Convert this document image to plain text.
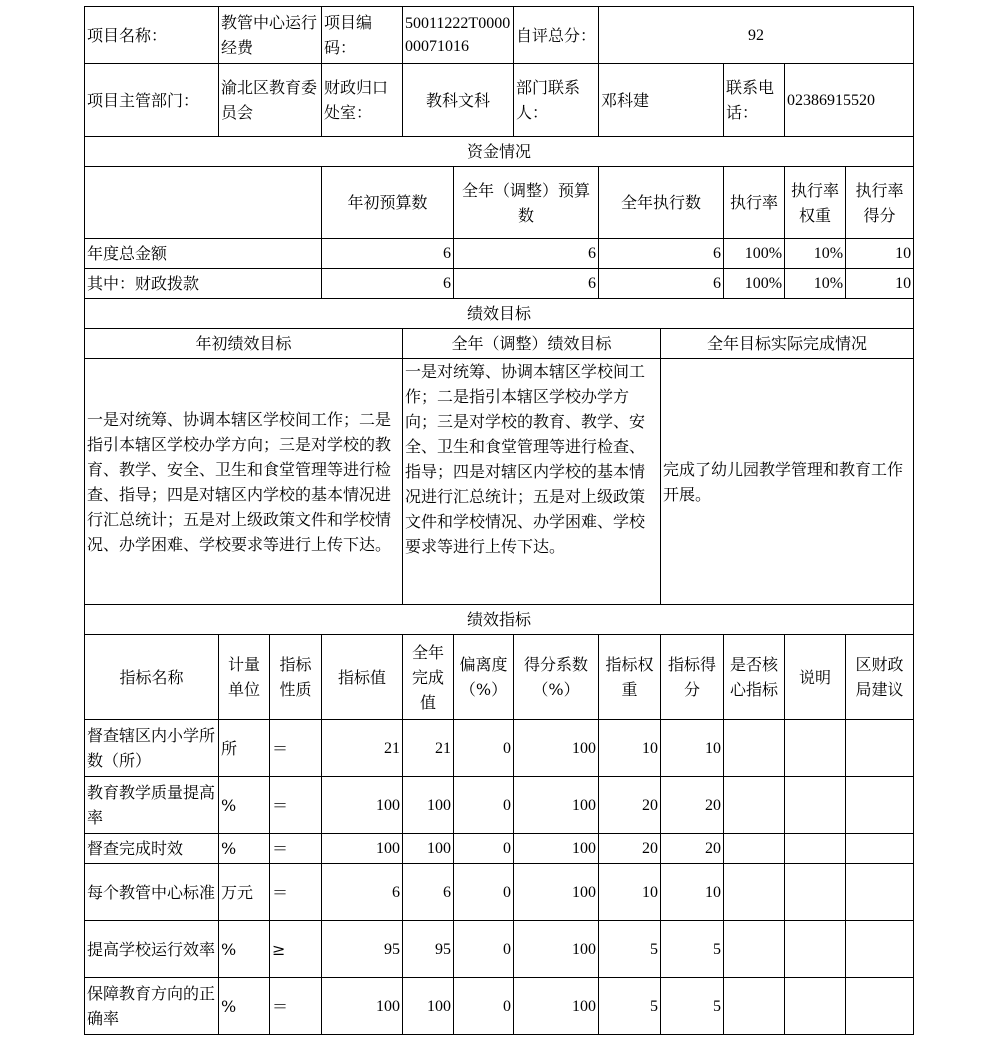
项目名称：	教管中心运行经费		项目编码：	50011222T000000071016		自评总分：	92				
项目主管部门：	渝北区教育委员会		财政归口处室：	教科文科		部门联系人：	邓科建		联系电话：	02386915520	
资金情况											
			年初预算数		全年（调整）预算数		全年执行数		执行率	执行率权重	执行率得分
年度总金额			6		6		6		100%	10%	10
其中：财政拨款			6		6		6		100%	10%	10
绩效目标											
年初绩效目标				全年（调整）绩效目标				全年目标实际完成情况			
一是对统筹、协调本辖区学校间工作；二是指引本辖区学校办学方向；三是对学校的教育、教学、安全、卫生和食堂管理等进行检查、指导；四是对辖区内学校的基本情况进行汇总统计；五是对上级政策文件和学校情况、办学困难、学校要求等进行上传下达。				一是对统筹、协调本辖区学校间工作；二是指引本辖区学校办学方向；三是对学校的教育、教学、安全、卫生和食堂管理等进行检查、指导；四是对辖区内学校的基本情况进行汇总统计；五是对上级政策文件和学校情况、办学困难、学校要求等进行上传下达。				完成了幼儿园教学管理和教育工作开展。			
绩效指标											
指标名称	计量单位	指标性质	指标值	全年完成值	偏离度（%）	得分系数（%）	指标权重	指标得分	是否核心指标	说明	区财政局建议
督查辖区内小学所数（所）	所	＝	21	21	0	100	10	10			
教育教学质量提高率	%	＝	100	100	0	100	20	20			
督查完成时效	%	＝	100	100	0	100	20	20			
每个教管中心标准	万元	＝	6	6	0	100	10	10			
提高学校运行效率	%	≥	95	95	0	100	5	5			
保障教育方向的正确率	%	＝	100	100	0	100	5	5			
